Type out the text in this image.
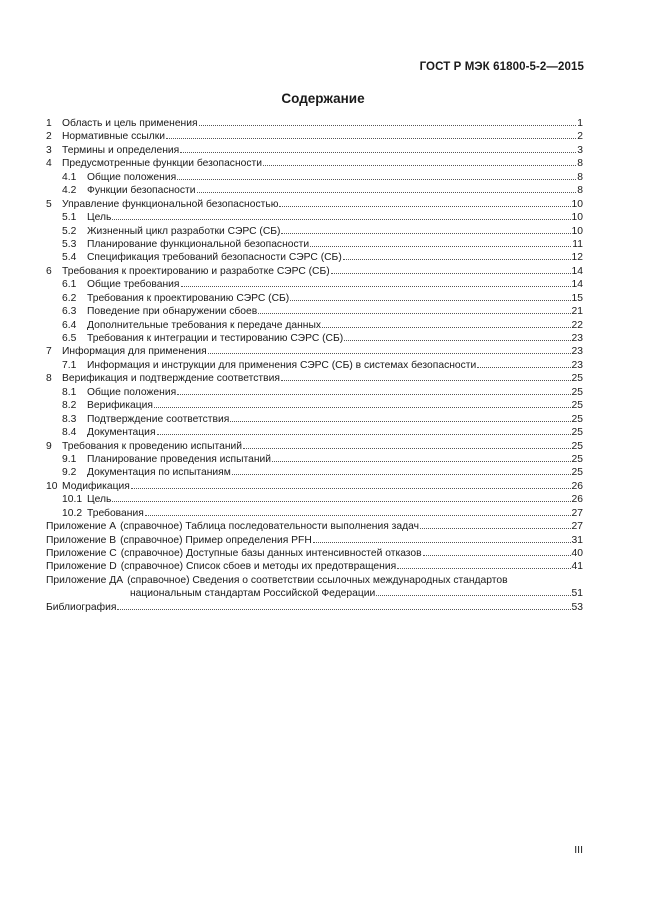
ГОСТ Р МЭК 61800-5-2—2015
Содержание
1 Область и цель применения	1
2 Нормативные ссылки	2
3 Термины и определения	3
4 Предусмотренные функции безопасности	8
4.1	Общие положения	8
4.2	Функции безопасности	8
5 Управление функциональной безопасностью	10
5.1	Цель	10
5.2	Жизненный цикл разработки СЭРС (СБ)	10
5.3	Планирование функциональной безопасности	11
5.4	Спецификация требований безопасности СЭРС (СБ)	12
6 Требования к проектированию и разработке СЭРС (СБ)	14
6.1	Общие требования	14
6.2	Требования к проектированию СЭРС (СБ)	15
6.3	Поведение при обнаружении сбоев	21
6.4	Дополнительные требования к передаче данных	22
6.5	Требования к интеграции и тестированию СЭРС (СБ)	23
7 Информация для применения	23
7.1	Информация и инструкции для применения СЭРС (СБ) в системах безопасности	23
8 Верификация и подтверждение соответствия	25
8.1	Общие положения	25
8.2	Верификация	25
8.3	Подтверждение соответствия	25
8.4	Документация	25
9 Требования к проведению испытаний	25
9.1	Планирование проведения испытаний	25
9.2	Документация по испытаниям	25
10 Модификация	26
10.1 Цель	26
10.2 Требования	27
Приложение А (справочное) Таблица последовательности выполнения задач	27
Приложение В (справочное) Пример определения PFH	31
Приложение С (справочное) Доступные базы данных интенсивностей отказов	40
Приложение D (справочное) Список сбоев и методы их предотвращения	41
Приложение ДА (справочное) Сведения о соответствии ссылочных международных стандартов
национальным стандартам Российской Федерации	51
Библиография	53
III
